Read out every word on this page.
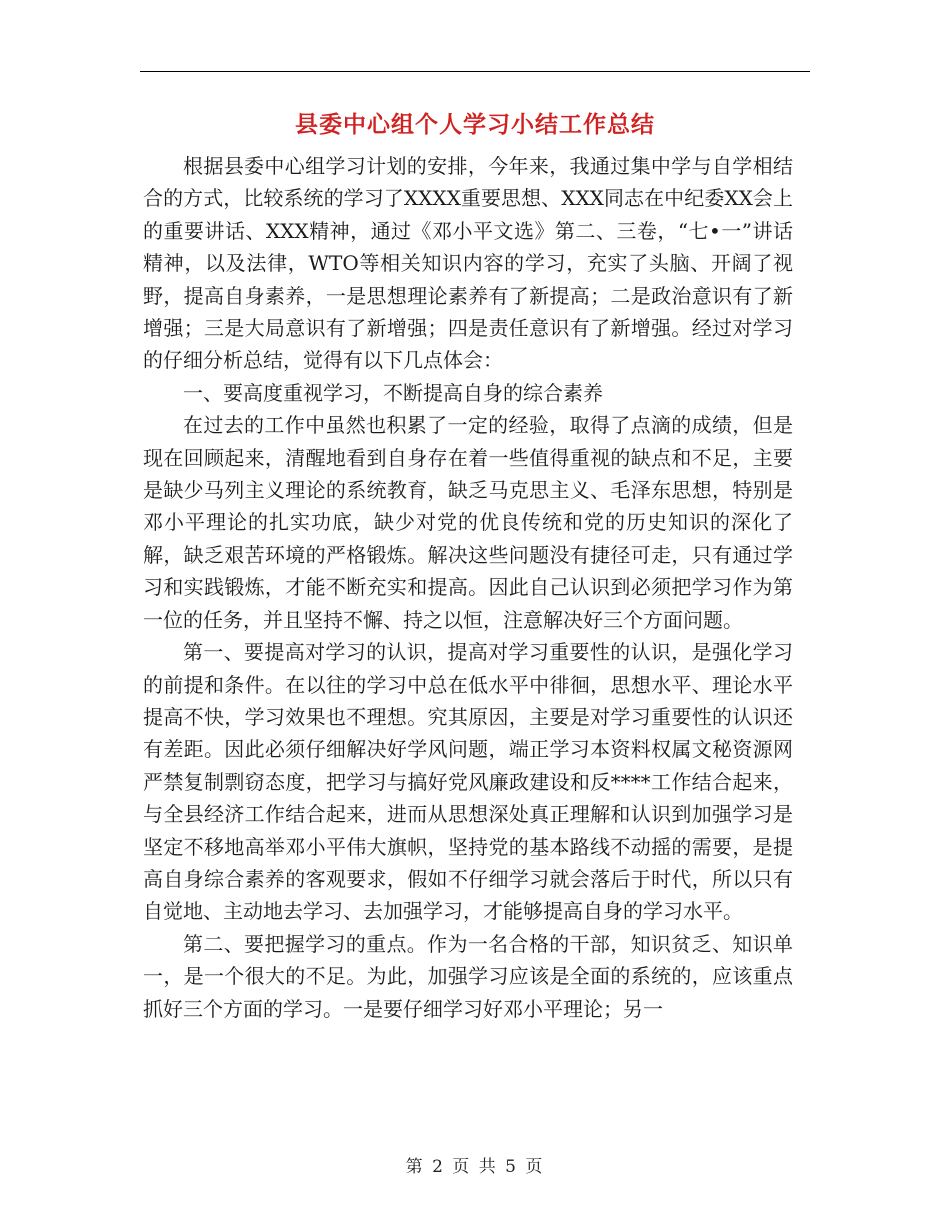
县委中心组个人学习小结工作总结

根据县委中心组学习计划的安排，今年来，我通过集中学与自学相结合的方式，比较系统的学习了XXXX重要思想、XXX同志在中纪委XX会上的重要讲话、XXX精神，通过《邓小平文选》第二、三卷，“七•一”讲话精神，以及法律，WTO等相关知识内容的学习，充实了头脑、开阔了视野，提高自身素养，一是思想理论素养有了新提高；二是政治意识有了新增强；三是大局意识有了新增强；四是责任意识有了新增强。经过对学习的仔细分析总结，觉得有以下几点体会：

一、要高度重视学习，不断提高自身的综合素养

在过去的工作中虽然也积累了一定的经验，取得了点滴的成绩，但是现在回顾起来，清醒地看到自身存在着一些值得重视的缺点和不足，主要是缺少马列主义理论的系统教育，缺乏马克思主义、毛泽东思想，特别是邓小平理论的扎实功底，缺少对党的优良传统和党的历史知识的深化了解，缺乏艰苦环境的严格锻炼。解决这些问题没有捷径可走，只有通过学习和实践锻炼，才能不断充实和提高。因此自己认识到必须把学习作为第一位的任务，并且坚持不懈、持之以恒，注意解决好三个方面问题。

第一、要提高对学习的认识，提高对学习重要性的认识，是强化学习的前提和条件。在以往的学习中总在低水平中徘徊，思想水平、理论水平提高不快，学习效果也不理想。究其原因，主要是对学习重要性的认识还有差距。因此必须仔细解决好学风问题，端正学习本资料权属文秘资源网严禁复制剽窃态度，把学习与搞好党风廉政建设和反****工作结合起来，与全县经济工作结合起来，进而从思想深处真正理解和认识到加强学习是坚定不移地高举邓小平伟大旗帜，坚持党的基本路线不动摇的需要，是提高自身综合素养的客观要求，假如不仔细学习就会落后于时代，所以只有自觉地、主动地去学习、去加强学习，才能够提高自身的学习水平。

第二、要把握学习的重点。作为一名合格的干部，知识贫乏、知识单一，是一个很大的不足。为此，加强学习应该是全面的系统的，应该重点抓好三个方面的学习。一是要仔细学习好邓小平理论；另一

第 2 页 共 5 页
